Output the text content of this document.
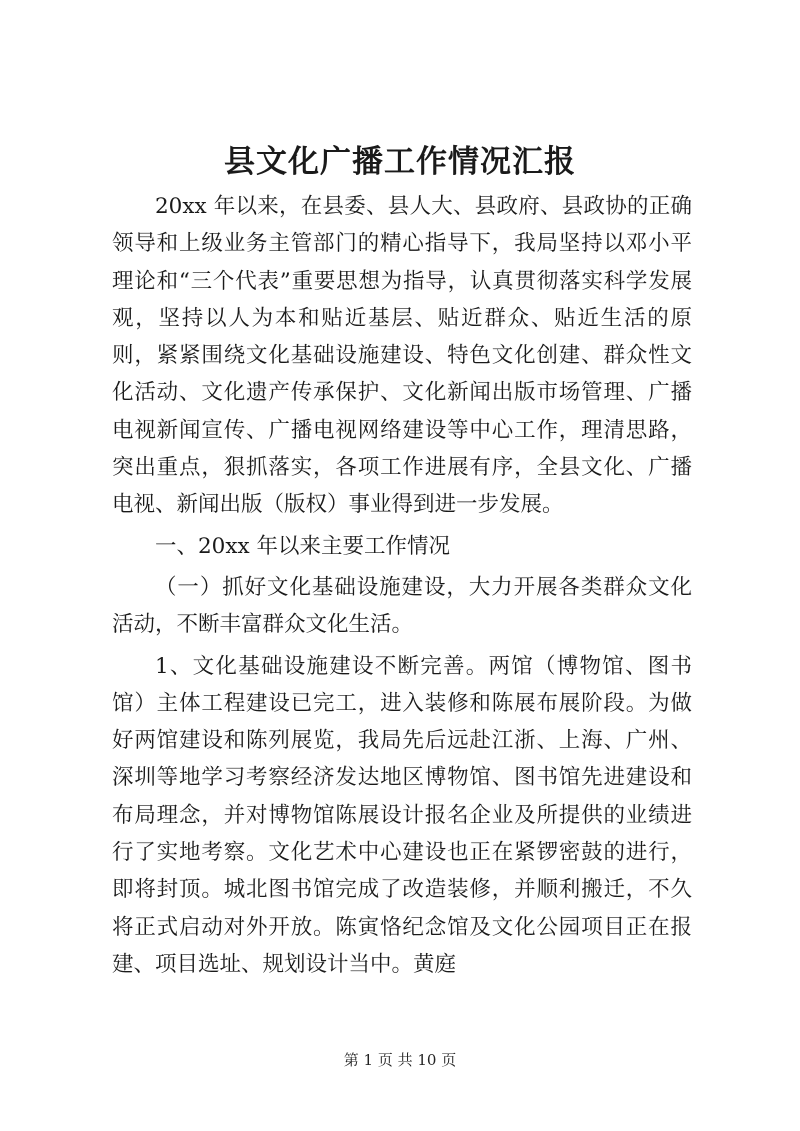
县文化广播工作情况汇报

20xx 年以来，在县委、县人大、县政府、县政协的正确领导和上级业务主管部门的精心指导下，我局坚持以邓小平理论和“三个代表”重要思想为指导，认真贯彻落实科学发展观，坚持以人为本和贴近基层、贴近群众、贴近生活的原则，紧紧围绕文化基础设施建设、特色文化创建、群众性文化活动、文化遗产传承保护、文化新闻出版市场管理、广播电视新闻宣传、广播电视网络建设等中心工作，理清思路，突出重点，狠抓落实，各项工作进展有序，全县文化、广播电视、新闻出版（版权）事业得到进一步发展。

一、20xx 年以来主要工作情况

（一）抓好文化基础设施建设，大力开展各类群众文化活动，不断丰富群众文化生活。

1、文化基础设施建设不断完善。两馆（博物馆、图书馆）主体工程建设已完工，进入装修和陈展布展阶段。为做好两馆建设和陈列展览，我局先后远赴江浙、上海、广州、深圳等地学习考察经济发达地区博物馆、图书馆先进建设和布局理念，并对博物馆陈展设计报名企业及所提供的业绩进行了实地考察。文化艺术中心建设也正在紧锣密鼓的进行，即将封顶。城北图书馆完成了改造装修，并顺利搬迁，不久将正式启动对外开放。陈寅恪纪念馆及文化公园项目正在报建、项目选址、规划设计当中。黄庭

第 1 页 共 10 页
